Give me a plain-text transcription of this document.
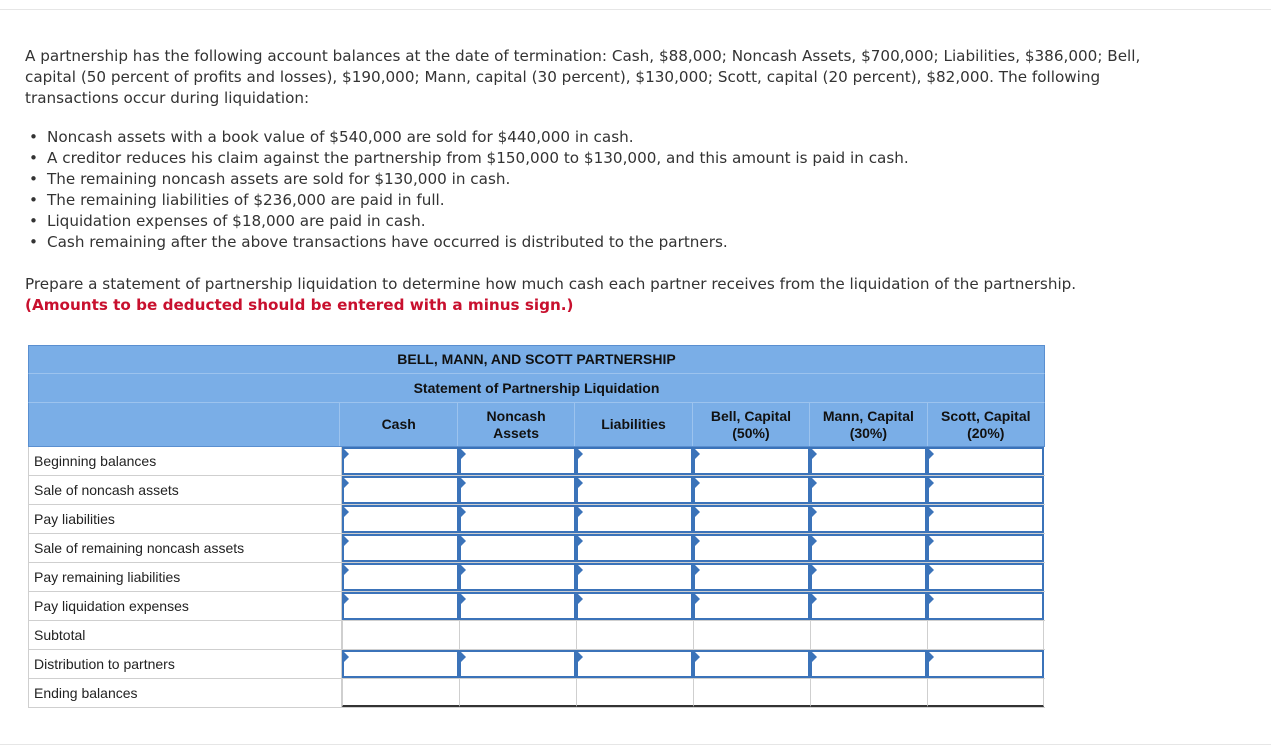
A partnership has the following account balances at the date of termination: Cash, $88,000; Noncash Assets, $700,000; Liabilities, $386,000; Bell, capital (50 percent of profits and losses), $190,000; Mann, capital (30 percent), $130,000; Scott, capital (20 percent), $82,000. The following transactions occur during liquidation:
• Noncash assets with a book value of $540,000 are sold for $440,000 in cash.
• A creditor reduces his claim against the partnership from $150,000 to $130,000, and this amount is paid in cash.
• The remaining noncash assets are sold for $130,000 in cash.
• The remaining liabilities of $236,000 are paid in full.
• Liquidation expenses of $18,000 are paid in cash.
• Cash remaining after the above transactions have occurred is distributed to the partners.
Prepare a statement of partnership liquidation to determine how much cash each partner receives from the liquidation of the partnership. (Amounts to be deducted should be entered with a minus sign.)
BELL, MANN, AND SCOTT PARTNERSHIP
Statement of Partnership Liquidation
Cash
Noncash
Assets
Liabilities
Bell, Capital
(50%)
Mann, Capital
(30%)
Scott, Capital
(20%)
Beginning balances
Sale of noncash assets
Pay liabilities
Sale of remaining noncash assets
Pay remaining liabilities
Pay liquidation expenses
Subtotal
Distribution to partners
Ending balances
